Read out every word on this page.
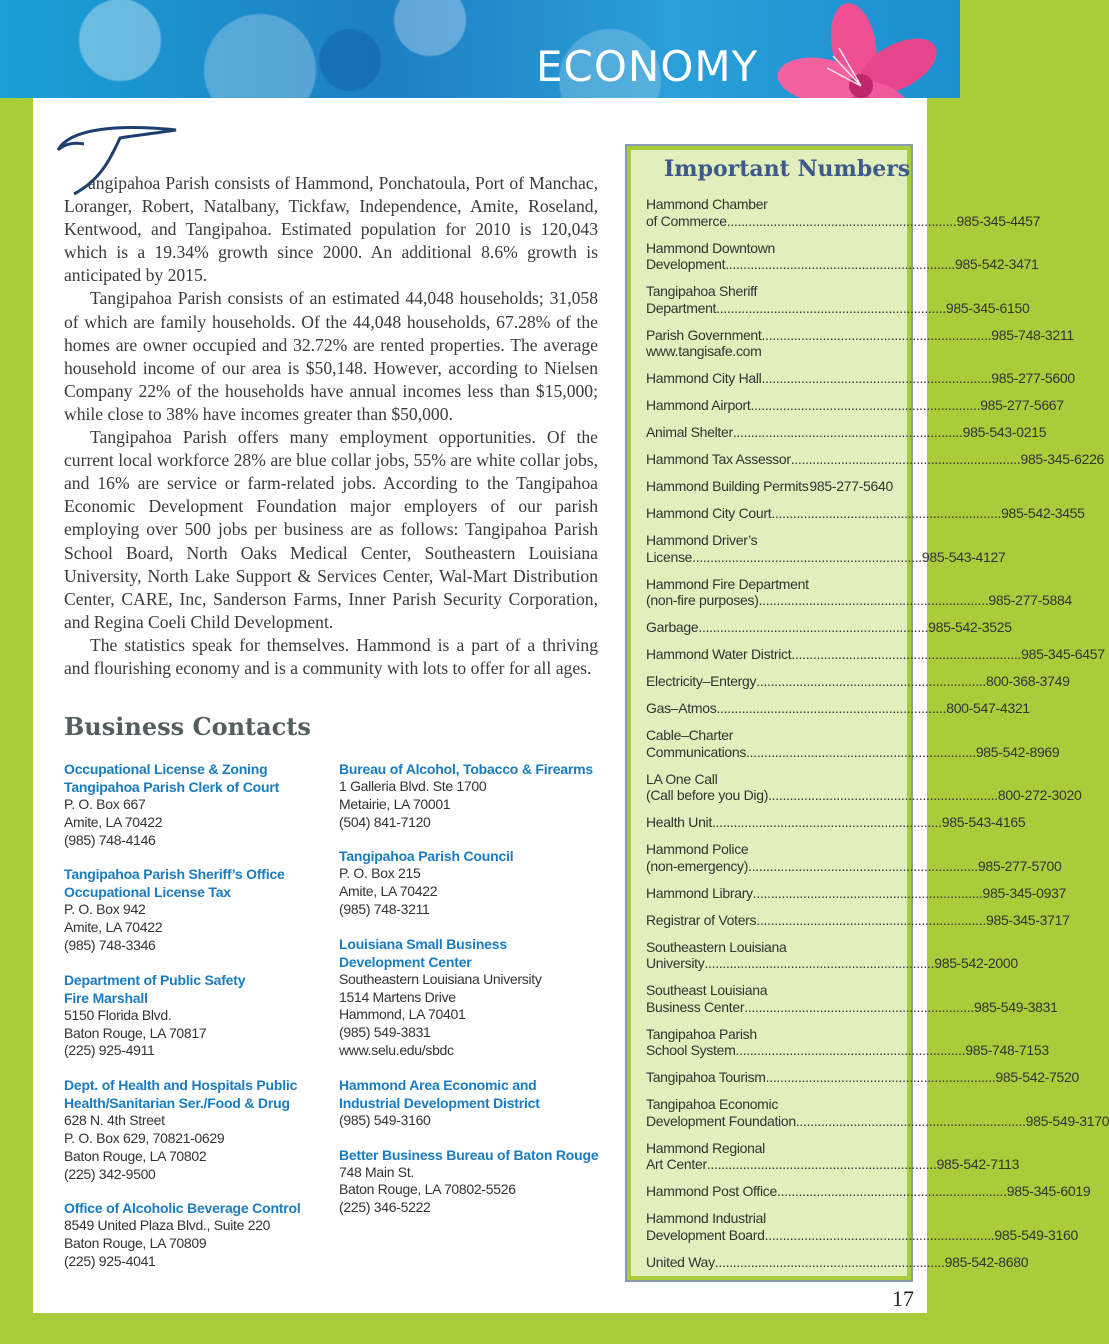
ECONOMY
T

angipahoa Parish consists of Hammond, Ponchatoula, Port of Manchac, Loranger, Robert, Natalbany, Tickfaw, Independence, Amite, Roseland, Kentwood, and Tangipahoa. Estimated population for 2010 is 120,043 which is a 19.34% growth since 2000. An additional 8.6% growth is anticipated by 2015.

Tangipahoa Parish consists of an estimated 44,048 households; 31,058 of which are family households. Of the 44,048 households, 67.28% of the homes are owner occupied and 32.72% are rented properties. The average household income of our area is $50,148. However, according to Nielsen Company 22% of the households have annual incomes less than $15,000; while close to 38% have incomes greater than $50,000.

Tangipahoa Parish offers many employment opportunities. Of the current local workforce 28% are blue collar jobs, 55% are white collar jobs, and 16% are service or farm-related jobs. According to the Tangipahoa Economic Development Foundation major employers of our parish employing over 500 jobs per business are as follows: Tangipahoa Parish School Board, North Oaks Medical Center, Southeastern Louisiana University, North Lake Support & Services Center, Wal-Mart Distribution Center, CARE, Inc, Sanderson Farms, Inner Parish Security Corporation, and Regina Coeli Child Development.

The statistics speak for themselves. Hammond is a part of a thriving and flourishing economy and is a community with lots to offer for all ages.

Business Contacts
Occupational License & Zoning
Tangipahoa Parish Clerk of Court
P. O. Box 667
Amite, LA 70422
(985) 748-4146
Tangipahoa Parish Sheriff’s Office
Occupational License Tax
P. O. Box 942
Amite, LA 70422
(985) 748-3346
Department of Public Safety
Fire Marshall
5150 Florida Blvd.
Baton Rouge, LA 70817
(225) 925-4911
Dept. of Health and Hospitals Public
Health/Sanitarian Ser./Food & Drug
628 N. 4th Street
P. O. Box 629, 70821-0629
Baton Rouge, LA 70802
(225) 342-9500
Office of Alcoholic Beverage Control
8549 United Plaza Blvd., Suite 220
Baton Rouge, LA 70809
(225) 925-4041
Bureau of Alcohol, Tobacco & Firearms
1 Galleria Blvd. Ste 1700
Metairie, LA 70001
(504) 841-7120
Tangipahoa Parish Council
P. O. Box 215
Amite, LA 70422
(985) 748-3211
Louisiana Small Business
Development Center
Southeastern Louisiana University
1514 Martens Drive
Hammond, LA 70401
(985) 549-3831
www.selu.edu/sbdc
Hammond Area Economic and
Industrial Development District
(985) 549-3160
Better Business Bureau of Baton Rouge
748 Main St.
Baton Rouge, LA 70802-5526
(225) 346-5222
Important Numbers
Hammond Chamber
of Commerce .....	985-345-4457
Hammond Downtown
Development .....	985-542-3471
Tangipahoa Sheriff
Department .....	985-345-6150
Parish Government .....	985-748-3211
www.tangisafe.com
Hammond City Hall .....	985-277-5600
Hammond Airport .....	985-277-5667
Animal Shelter .....	985-543-0215
Hammond Tax Assessor .....	985-345-6226
Hammond Building Permits ..... 985-277-5640
Hammond City Court .....	985-542-3455
Hammond Driver’s
License .....	985-543-4127
Hammond Fire Department
(non-fire purposes) .....	985-277-5884
Garbage .....	985-542-3525
Hammond Water District .....	985-345-6457
Electricity–Entergy .....	800-368-3749
Gas–Atmos .....	800-547-4321
Cable–Charter
Communications .....	985-542-8969
LA One Call
(Call before you Dig) .....	800-272-3020
Health Unit .....	985-543-4165
Hammond Police
(non-emergency) .....	985-277-5700
Hammond Library .....	985-345-0937
Registrar of Voters .....	985-345-3717
Southeastern Louisiana
University .....	985-542-2000
Southeast Louisiana
Business Center .....	985-549-3831
Tangipahoa Parish
School System .....	985-748-7153
Tangipahoa Tourism .....	985-542-7520
Tangipahoa Economic
Development Foundation .....	985-549-3170
Hammond Regional
Art Center .....	985-542-7113
Hammond Post Office .....	985-345-6019
Hammond Industrial
Development Board .....	985-549-3160
United Way .....	985-542-8680
17
